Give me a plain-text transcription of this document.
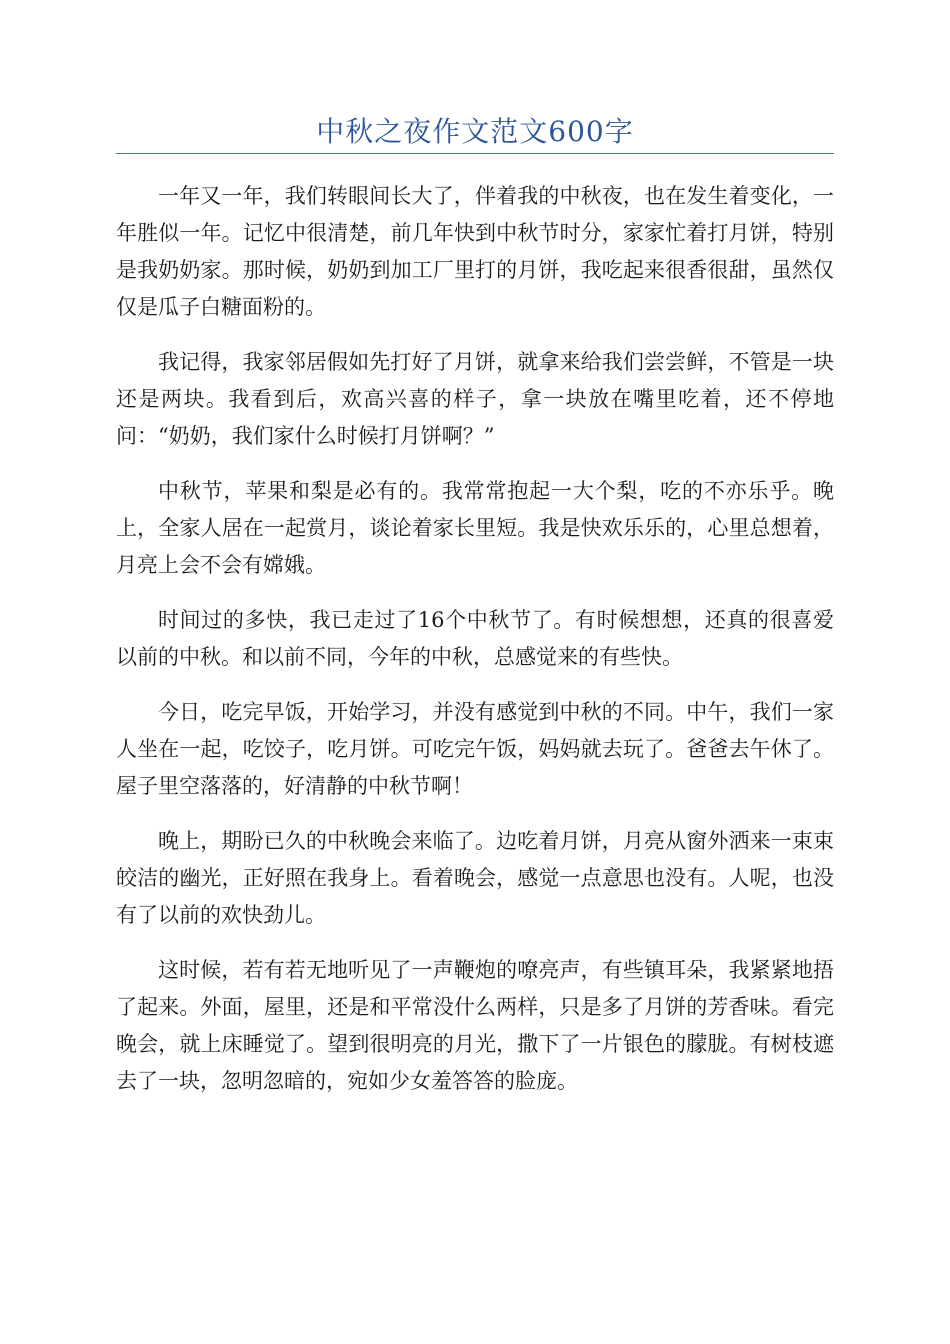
中秋之夜作文范文600字

一年又一年，我们转眼间长大了，伴着我的中秋夜，也在发生着变化，一年胜似一年。记忆中很清楚，前几年快到中秋节时分，家家忙着打月饼，特别是我奶奶家。那时候，奶奶到加工厂里打的月饼，我吃起来很香很甜，虽然仅仅是瓜子白糖面粉的。

我记得，我家邻居假如先打好了月饼，就拿来给我们尝尝鲜，不管是一块还是两块。我看到后，欢高兴喜的样子，拿一块放在嘴里吃着，还不停地问：“奶奶，我们家什么时候打月饼啊？”

中秋节，苹果和梨是必有的。我常常抱起一大个梨，吃的不亦乐乎。晚上，全家人居在一起赏月，谈论着家长里短。我是快欢乐乐的，心里总想着，月亮上会不会有嫦娥。

时间过的多快，我已走过了16个中秋节了。有时候想想，还真的很喜爱以前的中秋。和以前不同，今年的中秋，总感觉来的有些快。

今日，吃完早饭，开始学习，并没有感觉到中秋的不同。中午，我们一家人坐在一起，吃饺子，吃月饼。可吃完午饭，妈妈就去玩了。爸爸去午休了。屋子里空落落的，好清静的中秋节啊！

晚上，期盼已久的中秋晚会来临了。边吃着月饼，月亮从窗外洒来一束束皎洁的幽光，正好照在我身上。看着晚会，感觉一点意思也没有。人呢，也没有了以前的欢快劲儿。

这时候，若有若无地听见了一声鞭炮的嘹亮声，有些镇耳朵，我紧紧地捂了起来。外面，屋里，还是和平常没什么两样，只是多了月饼的芳香味。看完晚会，就上床睡觉了。望到很明亮的月光，撒下了一片银色的朦胧。有树枝遮去了一块，忽明忽暗的，宛如少女羞答答的脸庞。
